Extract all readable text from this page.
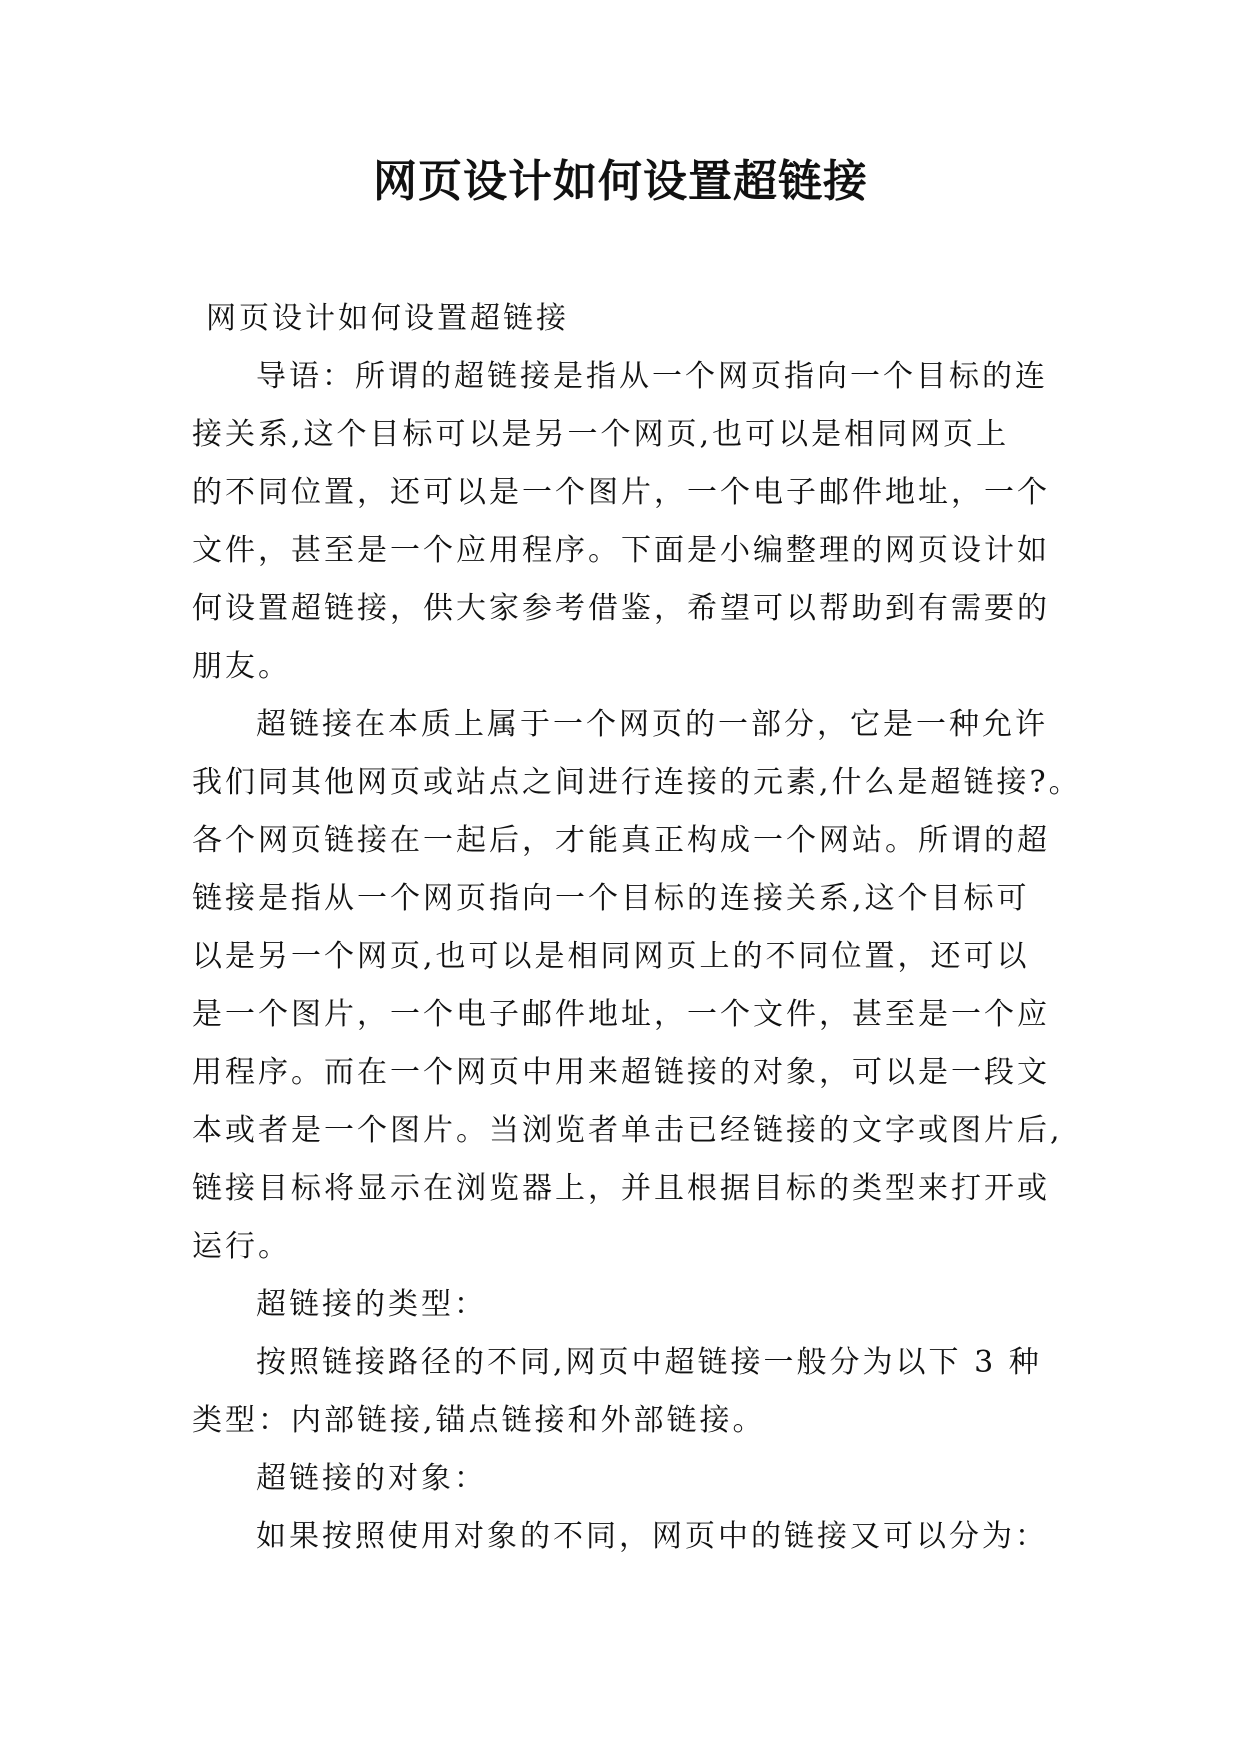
网页设计如何设置超链接
网页设计如何设置超链接
导语：所谓的超链接是指从一个网页指向一个目标的连
接关系,这个目标可以是另一个网页,也可以是相同网页上
的不同位置，还可以是一个图片，一个电子邮件地址，一个
文件，甚至是一个应用程序。下面是小编整理的网页设计如
何设置超链接，供大家参考借鉴，希望可以帮助到有需要的
朋友。
超链接在本质上属于一个网页的一部分，它是一种允许
我们同其他网页或站点之间进行连接的元素,什么是超链接?。
各个网页链接在一起后，才能真正构成一个网站。所谓的超
链接是指从一个网页指向一个目标的连接关系,这个目标可
以是另一个网页,也可以是相同网页上的不同位置，还可以
是一个图片，一个电子邮件地址，一个文件，甚至是一个应
用程序。而在一个网页中用来超链接的对象，可以是一段文
本或者是一个图片。当浏览者单击已经链接的文字或图片后,
链接目标将显示在浏览器上，并且根据目标的类型来打开或
运行。
超链接的类型：
按照链接路径的不同,网页中超链接一般分为以下 3 种
类型：内部链接,锚点链接和外部链接。
超链接的对象：
如果按照使用对象的不同，网页中的链接又可以分为：
